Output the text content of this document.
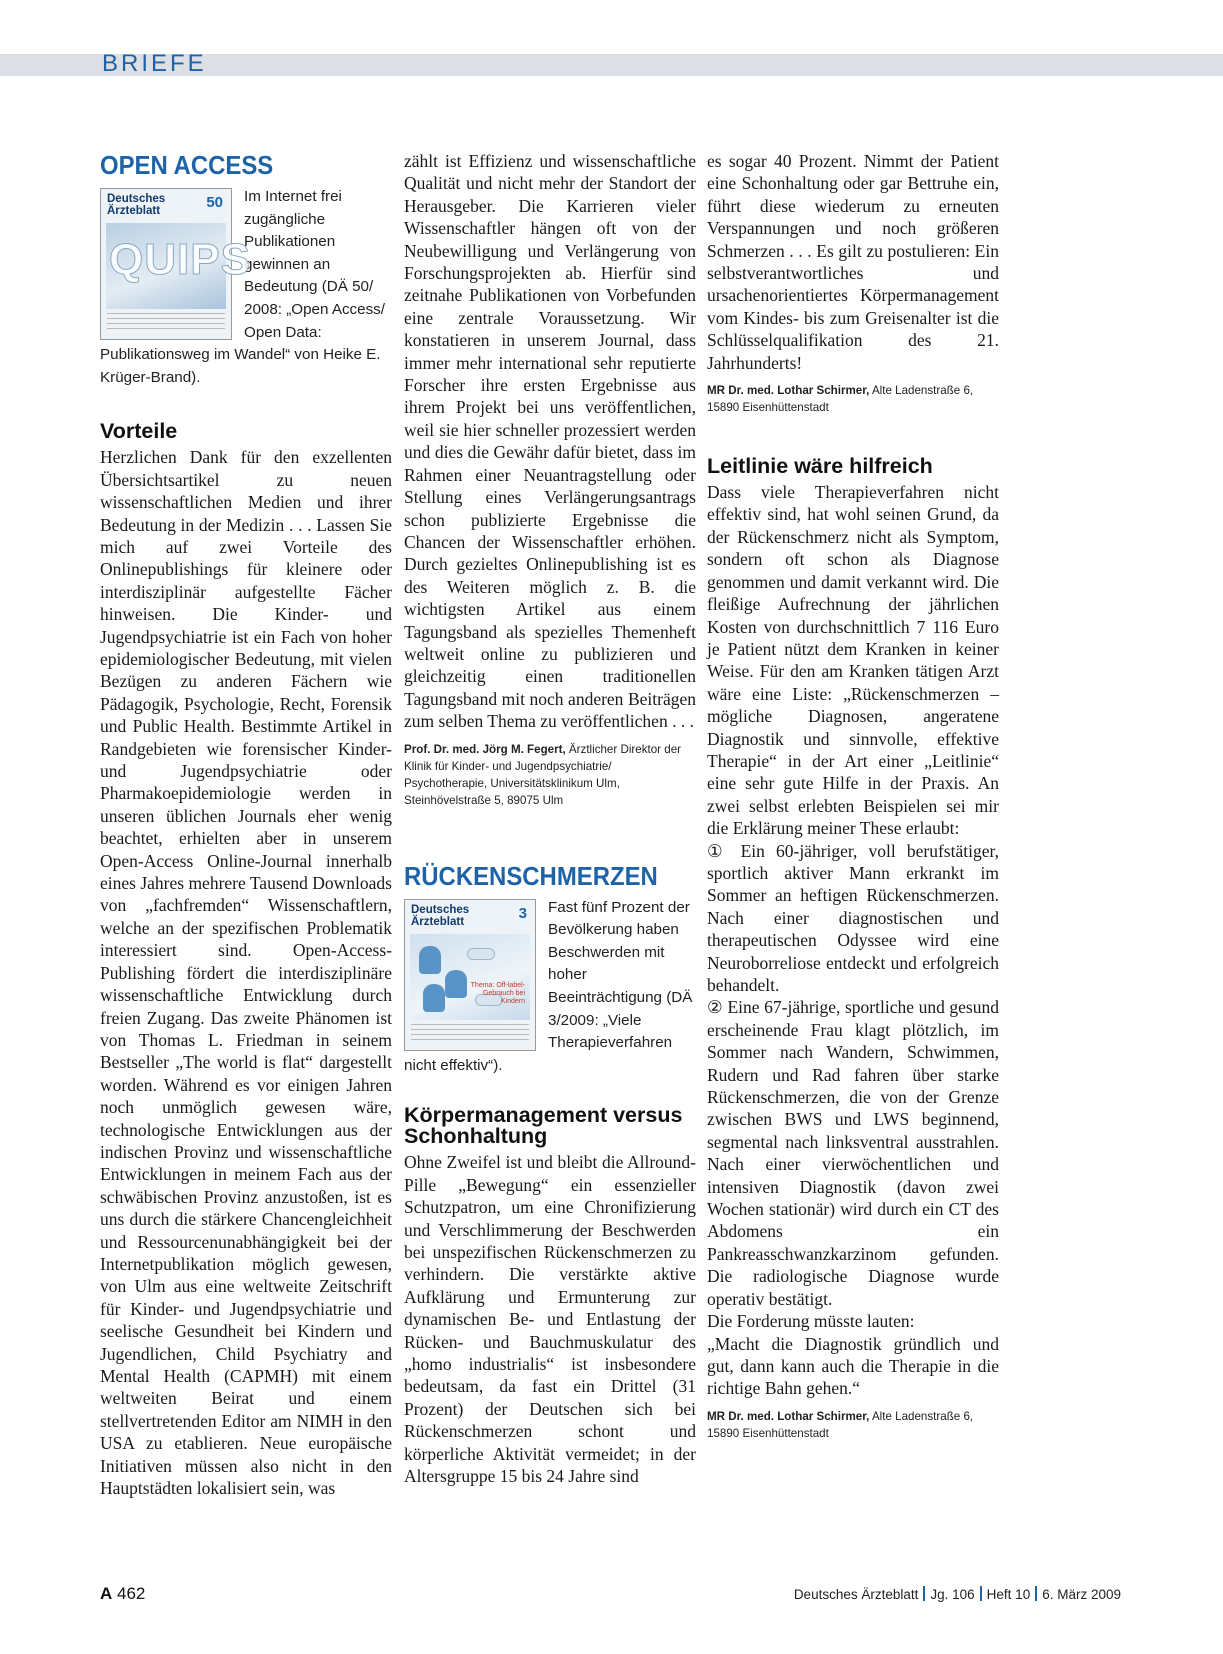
BRIEFE
OPEN ACCESS
Deutsches Ärzteblatt	50
QUIPS
Im Internet frei zugängliche Publikationen gewinnen an Bedeutung (DÄ 50/ 2008: „Open Access/ Open Data: Publikationsweg im Wandel“ von Heike E. Krüger-Brand).
Vorteile
Herzlichen Dank für den exzellenten Übersichtsartikel zu neuen wissenschaftlichen Medien und ihrer Bedeutung in der Medizin . . . Lassen Sie mich auf zwei Vorteile des Onlinepublishings für kleinere oder interdisziplinär aufgestellte Fächer hinweisen. Die Kinder- und Jugendpsychiatrie ist ein Fach von hoher epidemiologischer Bedeutung, mit vielen Bezügen zu anderen Fächern wie Pädagogik, Psychologie, Recht, Forensik und Public Health. Bestimmte Artikel in Randgebieten wie forensischer Kinder- und Jugendpsychiatrie oder Pharmakoepidemiologie werden in unseren üblichen Journals eher wenig beachtet, erhielten aber in unserem Open-Access Online-Journal innerhalb eines Jahres mehrere Tausend Downloads von „fachfremden“ Wissenschaftlern, welche an der spezifischen Problematik interessiert sind. Open-Access-Publishing fördert die interdisziplinäre wissenschaftliche Entwicklung durch freien Zugang. Das zweite Phänomen ist von Thomas L. Friedman in seinem Bestseller „The world is flat“ dargestellt worden. Während es vor einigen Jahren noch unmöglich gewesen wäre, technologische Entwicklungen aus der indischen Provinz und wissenschaftliche Entwicklungen in meinem Fach aus der schwäbischen Provinz anzustoßen, ist es uns durch die stärkere Chancengleichheit und Ressourcenunabhängigkeit bei der Internetpublikation möglich gewesen, von Ulm aus eine weltweite Zeitschrift für Kinder- und Jugendpsychiatrie und seelische Gesundheit bei Kindern und Jugendlichen, Child Psychiatry and Mental Health (CAPMH) mit einem weltweiten Beirat und einem stellvertretenden Editor am NIMH in den USA zu etablieren. Neue europäische Initiativen müssen also nicht in den Hauptstädten lokalisiert sein, was
zählt ist Effizienz und wissenschaftliche Qualität und nicht mehr der Standort der Herausgeber. Die Karrieren vieler Wissenschaftler hängen oft von der Neubewilligung und Verlängerung von Forschungsprojekten ab. Hierfür sind zeitnahe Publikationen von Vorbefunden eine zentrale Voraussetzung. Wir konstatieren in unserem Journal, dass immer mehr international sehr reputierte Forscher ihre ersten Ergebnisse aus ihrem Projekt bei uns veröffentlichen, weil sie hier schneller prozessiert werden und dies die Gewähr dafür bietet, dass im Rahmen einer Neuantragstellung oder Stellung eines Verlängerungsantrags schon publizierte Ergebnisse die Chancen der Wissenschaftler erhöhen. Durch gezieltes Onlinepublishing ist es des Weiteren möglich z. B. die wichtigsten Artikel aus einem Tagungsband als spezielles Themenheft weltweit online zu publizieren und gleichzeitig einen traditionellen Tagungsband mit noch anderen Beiträgen zum selben Thema zu veröffentlichen . . .
Prof. Dr. med. Jörg M. Fegert, Ärztlicher Direktor der Klinik für Kinder- und Jugendpsychiatrie/ Psychotherapie, Universitätsklinikum Ulm, Steinhövelstraße 5, 89075 Ulm
RÜCKENSCHMERZEN
Deutsches Ärzteblatt	3
Thema: Off-label-Gebrauch bei Kindern
Fast fünf Prozent der Bevölkerung haben Beschwerden mit hoher Beeinträchtigung (DÄ 3/2009: „Viele Therapieverfahren nicht effektiv“).
Körpermanagement versus Schonhaltung
Ohne Zweifel ist und bleibt die Allround-Pille „Bewegung“ ein essenzieller Schutzpatron, um eine Chronifizierung und Verschlimmerung der Beschwerden bei unspezifischen Rückenschmerzen zu verhindern. Die verstärkte aktive Aufklärung und Ermunterung zur dynamischen Be- und Entlastung der Rücken- und Bauchmuskulatur des „homo industrialis“ ist insbesondere bedeutsam, da fast ein Drittel (31 Prozent) der Deutschen sich bei Rückenschmerzen schont und körperliche Aktivität vermeidet; in der Altersgruppe 15 bis 24 Jahre sind
es sogar 40 Prozent. Nimmt der Patient eine Schonhaltung oder gar Bettruhe ein, führt diese wiederum zu erneuten Verspannungen und noch größeren Schmerzen . . . Es gilt zu postulieren: Ein selbstverantwortliches und ursachenorientiertes Körpermanagement vom Kindes- bis zum Greisenalter ist die Schlüsselqualifikation des 21. Jahrhunderts!
MR Dr. med. Lothar Schirmer, Alte Ladenstraße 6, 15890 Eisenhüttenstadt
Leitlinie wäre hilfreich

Dass viele Therapieverfahren nicht effektiv sind, hat wohl seinen Grund, da der Rückenschmerz nicht als Symptom, sondern oft schon als Diagnose genommen und damit verkannt wird. Die fleißige Aufrechnung der jährlichen Kosten von durchschnittlich 7 116 Euro je Patient nützt dem Kranken in keiner Weise. Für den am Kranken tätigen Arzt wäre eine Liste: „Rückenschmerzen – mögliche Diagnosen, angeratene Diagnostik und sinnvolle, effektive Therapie“ in der Art einer „Leitlinie“ eine sehr gute Hilfe in der Praxis. An zwei selbst erlebten Beispielen sei mir die Erklärung meiner These erlaubt:

① Ein 60-jähriger, voll berufstätiger, sportlich aktiver Mann erkrankt im Sommer an heftigen Rückenschmerzen. Nach einer diagnostischen und therapeutischen Odyssee wird eine Neuroborreliose entdeckt und erfolgreich behandelt.

② Eine 67-jährige, sportliche und gesund erscheinende Frau klagt plötzlich, im Sommer nach Wandern, Schwimmen, Rudern und Rad fahren über starke Rückenschmerzen, die von der Grenze zwischen BWS und LWS beginnend, segmental nach linksventral ausstrahlen. Nach einer vierwöchentlichen und intensiven Diagnostik (davon zwei Wochen stationär) wird durch ein CT des Abdomens ein Pankreasschwanzkarzinom gefunden. Die radiologische Diagnose wurde operativ bestätigt.

Die Forderung müsste lauten:

„Macht die Diagnostik gründlich und gut, dann kann auch die Therapie in die richtige Bahn gehen.“

MR Dr. med. Lothar Schirmer, Alte Ladenstraße 6, 15890 Eisenhüttenstadt
A 462	Deutsches Ärzteblatt Jg. 106 Heft 10 6. März 2009
